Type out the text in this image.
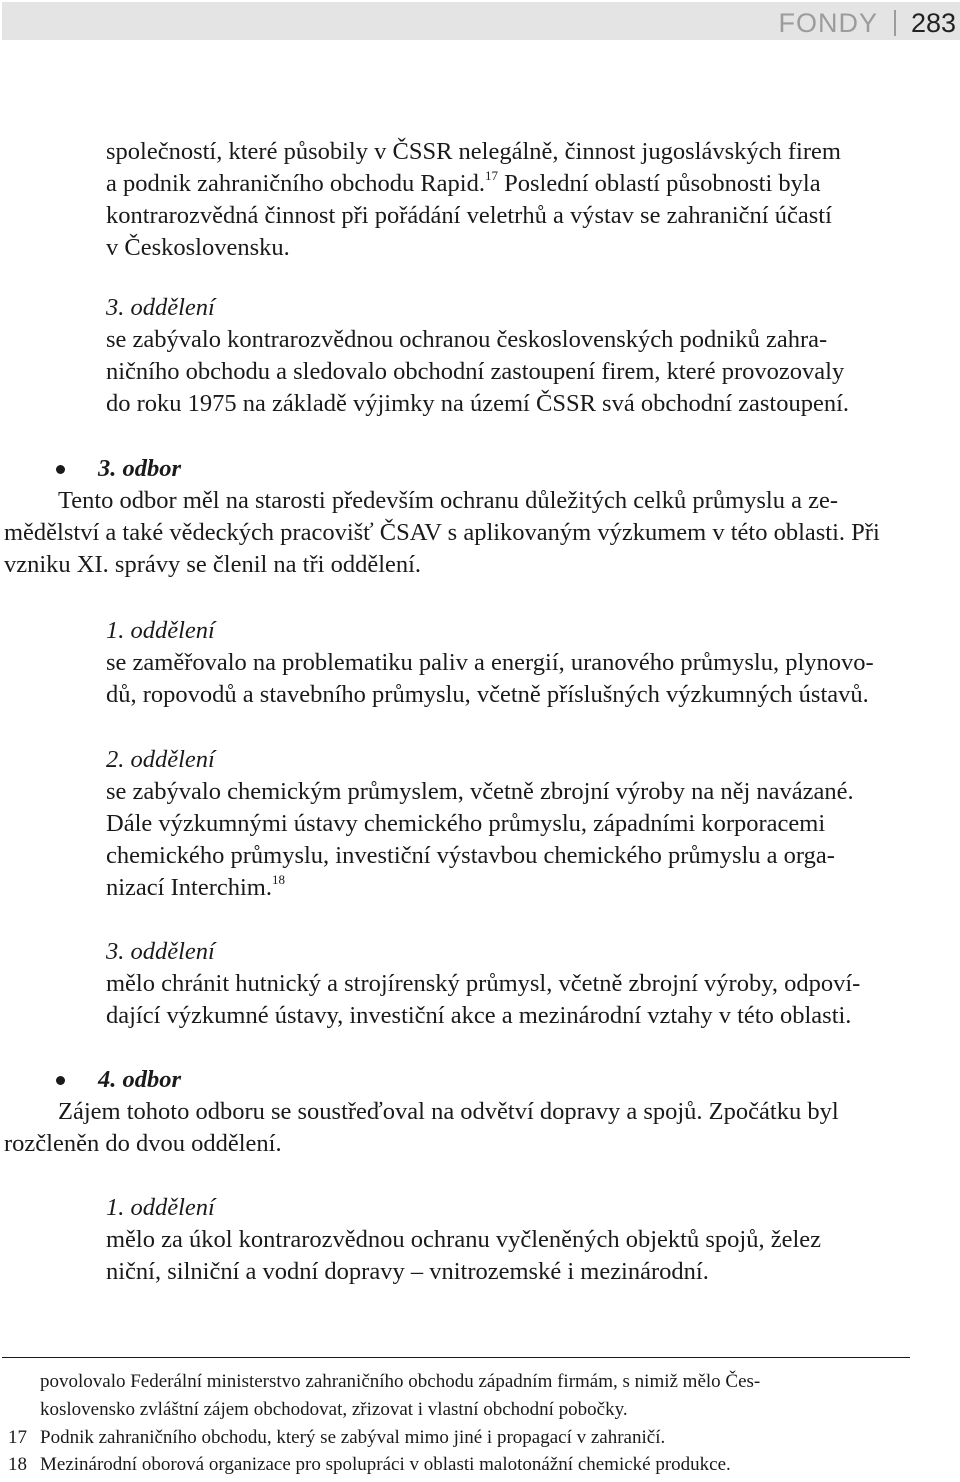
FONDY 283
společností, které působily v ČSSR nelegálně, činnost jugoslávských firem
a podnik zahraničního obchodu Rapid.$^{17}$ Poslední oblastí působnosti byla
kontrarozvědná činnost při pořádání veletrhů a výstav se zahraniční účastí
v Československu.
3. oddělení
se zabývalo kontrarozvědnou ochranou československých podniků zahra-
ničního obchodu a sledovalo obchodní zastoupení firem, které provozovaly
do roku 1975 na základě výjimky na území ČSSR svá obchodní zastoupení.
3. odbor
Tento odbor měl na starosti především ochranu důležitých celků průmyslu a ze-
mědělství a také vědeckých pracovišť ČSAV s aplikovaným výzkumem v této oblasti. Při
vzniku XI. správy se členil na tři oddělení.
1. oddělení
se zaměřovalo na problematiku paliv a energií, uranového průmyslu, plynovo-
dů, ropovodů a stavebního průmyslu, včetně příslušných výzkumných ústavů.
2. oddělení
se zabývalo chemickým průmyslem, včetně zbrojní výroby na něj navázané.
Dále výzkumnými ústavy chemického průmyslu, západními korporacemi
chemického průmyslu, investiční výstavbou chemického průmyslu a orga-
nizací Interchim.$^{18}$
3. oddělení
mělo chránit hutnický a strojírenský průmysl, včetně zbrojní výroby, odpoví-
dající výzkumné ústavy, investiční akce a mezinárodní vztahy v této oblasti.
4. odbor
Zájem tohoto odboru se soustřeďoval na odvětví dopravy a spojů. Zpočátku byl
rozčleněn do dvou oddělení.
1. oddělení
mělo za úkol kontrarozvědnou ochranu vyčleněných objektů spojů, želez
niční, silniční a vodní dopravy – vnitrozemské i mezinárodní.
povolovalo Federální ministerstvo zahraničního obchodu západním firmám, s nimiž mělo Čes-
koslovensko zvláštní zájem obchodovat, zřizovat i vlastní obchodní pobočky.
17 Podnik zahraničního obchodu, který se zabýval mimo jiné i propagací v zahraničí.
18 Mezinárodní oborová organizace pro spolupráci v oblasti malotonážní chemické produkce.
